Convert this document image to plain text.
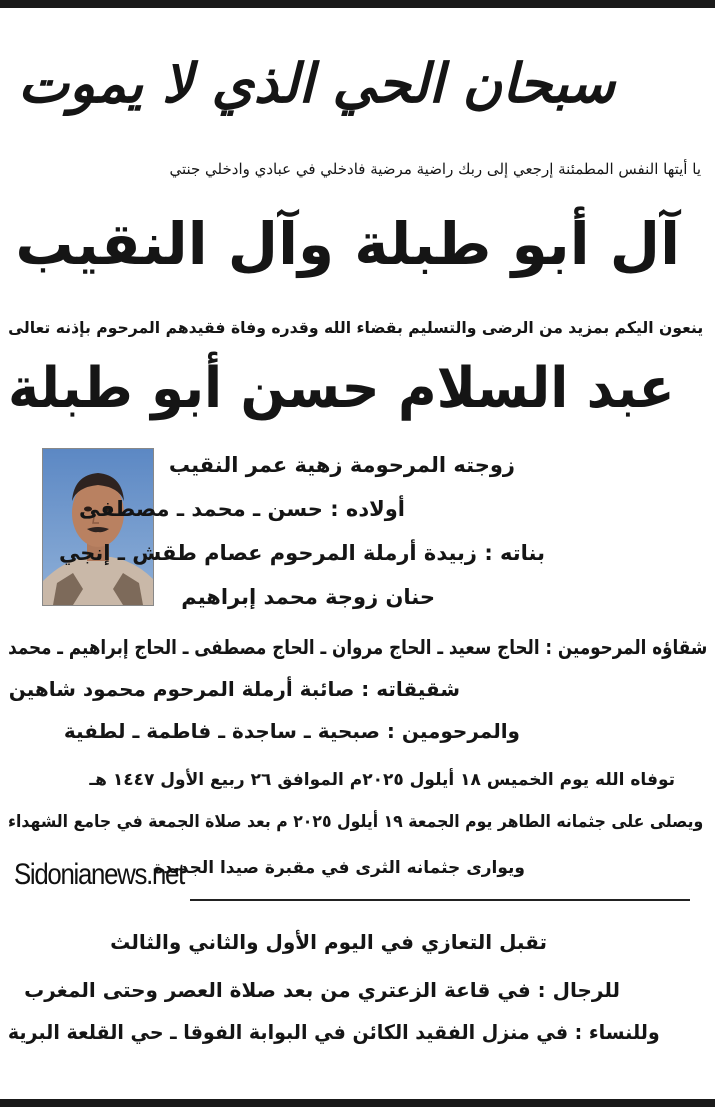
سبحان الحي الذي لا يموت
يا أيتها النفس المطمئنة إرجعي إلى ربك راضية مرضية فادخلي في عبادي وادخلي جنتي
آل أبو طبلة وآل النقيب
ينعون اليكم بمزيد من الرضى والتسليم بقضاء الله وقدره وفاة فقيدهم المرحوم بإذنه تعالى
عبد السلام حسن أبو طبلة
زوجته المرحومة زهية عمر النقيب
أولاده : حسن ـ محمد ـ مصطفى
بناته : زبيدة أرملة المرحوم عصام طقش ـ إنجي
حنان زوجة محمد إبراهيم
شقاؤه المرحومين : الحاج سعيد ـ الحاج مروان ـ الحاج مصطفى ـ الحاج إبراهيم ـ محمد
شقيقاته : صائبة أرملة المرحوم محمود شاهين
والمرحومين : صبحية ـ ساجدة ـ فاطمة ـ لطفية
توفاه الله يوم الخميس ١٨ أيلول ٢٠٢٥م الموافق ٢٦ ربيع الأول ١٤٤٧ هـ
ويصلى على جثمانه الطاهر يوم الجمعة ١٩ أيلول ٢٠٢٥ م بعد صلاة الجمعة في جامع الشهداء
ويوارى جثمانه الثرى في مقبرة صيدا الجديدة
Sidonianews.net
تقبل التعازي في اليوم الأول والثاني والثالث
للرجال : في قاعة الزعتري من بعد صلاة العصر وحتى المغرب
وللنساء : في منزل الفقيد الكائن في البوابة الفوقا ـ حي القلعة البرية
